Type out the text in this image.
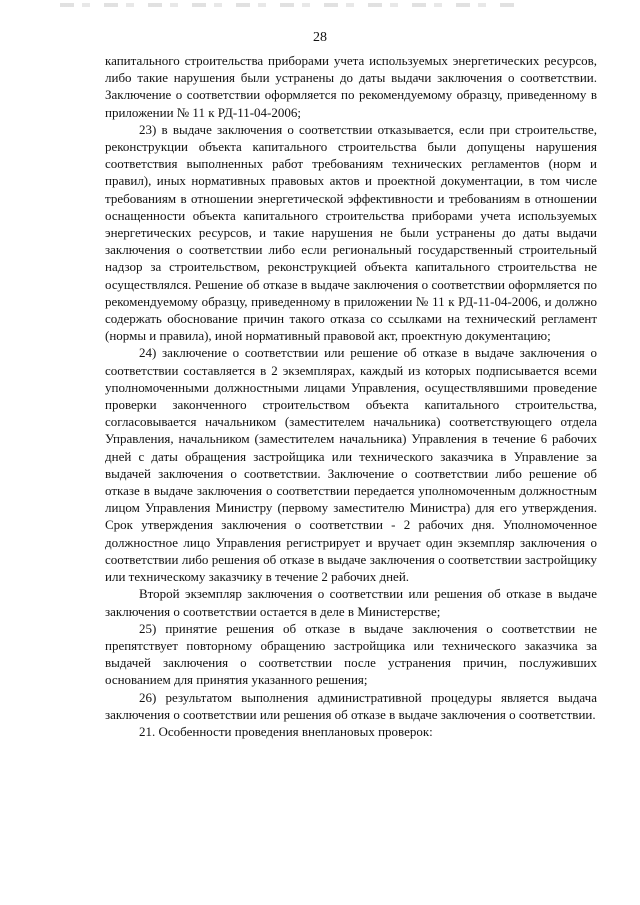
28

капитального строительства приборами учета используемых энергетических ресурсов, либо такие нарушения были устранены до даты выдачи заключения о соответствии. Заключение о соответствии оформляется по рекомендуемому образцу, приведенному в приложении № 11 к РД-11-04-2006;

23) в выдаче заключения о соответствии отказывается, если при строительстве, реконструкции объекта капитального строительства были допущены нарушения соответствия выполненных работ требованиям технических регламентов (норм и правил), иных нормативных правовых актов и проектной документации, в том числе требованиям в отношении энергетической эффективности и требованиям в отношении оснащенности объекта капитального строительства приборами учета используемых энергетических ресурсов, и такие нарушения не были устранены до даты выдачи заключения о соответствии либо если региональный государственный строительный надзор за строительством, реконструкцией объекта капитального строительства не осуществлялся. Решение об отказе в выдаче заключения о соответствии оформляется по рекомендуемому образцу, приведенному в приложении № 11 к РД-11-04-2006, и должно содержать обоснование причин такого отказа со ссылками на технический регламент (нормы и правила), иной нормативный правовой акт, проектную документацию;

24) заключение о соответствии или решение об отказе в выдаче заключения о соответствии составляется в 2 экземплярах, каждый из которых подписывается всеми уполномоченными должностными лицами Управления, осуществлявшими проведение проверки законченного строительством объекта капитального строительства, согласовывается начальником (заместителем начальника) соответствующего отдела Управления, начальником (заместителем начальника) Управления в течение 6 рабочих дней с даты обращения застройщика или технического заказчика в Управление за выдачей заключения о соответствии. Заключение о соответствии либо решение об отказе в выдаче заключения о соответствии передается уполномоченным должностным лицом Управления Министру (первому заместителю Министра) для его утверждения. Срок утверждения заключения о соответствии - 2 рабочих дня. Уполномоченное должностное лицо Управления регистрирует и вручает один экземпляр заключения о соответствии либо решения об отказе в выдаче заключения о соответствии застройщику или техническому заказчику в течение 2 рабочих дней.

Второй экземпляр заключения о соответствии или решения об отказе в выдаче заключения о соответствии остается в деле в Министерстве;

25) принятие решения об отказе в выдаче заключения о соответствии не препятствует повторному обращению застройщика или технического заказчика за выдачей заключения о соответствии после устранения причин, послуживших основанием для принятия указанного решения;

26) результатом выполнения административной процедуры является выдача заключения о соответствии или решения об отказе в выдаче заключения о соответствии.

21. Особенности проведения внеплановых проверок:
